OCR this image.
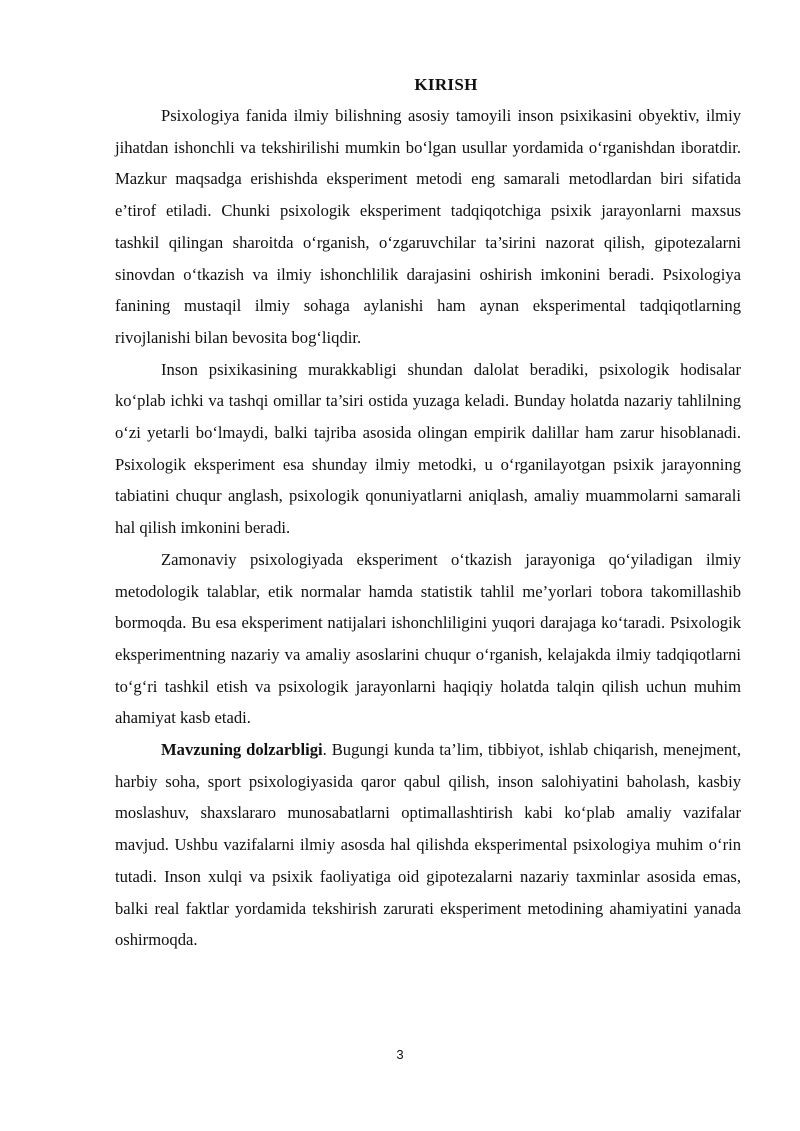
KIRISH

Psixologiya fanida ilmiy bilishning asosiy tamoyili inson psixikasini obyektiv, ilmiy jihatdan ishonchli va tekshirilishi mumkin bo‘lgan usullar yordamida o‘rganishdan iboratdir. Mazkur maqsadga erishishda eksperiment metodi eng samarali metodlardan biri sifatida e’tirof etiladi. Chunki psixologik eksperiment tadqiqotchiga psixik jarayonlarni maxsus tashkil qilingan sharoitda o‘rganish, o‘zgaruvchilar ta’sirini nazorat qilish, gipotezalarni sinovdan o‘tkazish va ilmiy ishonchlilik darajasini oshirish imkonini beradi. Psixologiya fanining mustaqil ilmiy sohaga aylanishi ham aynan eksperimental tadqiqotlarning rivojlanishi bilan bevosita bog‘liqdir.

Inson psixikasining murakkabligi shundan dalolat beradiki, psixologik hodisalar ko‘plab ichki va tashqi omillar ta’siri ostida yuzaga keladi. Bunday holatda nazariy tahlilning o‘zi yetarli bo‘lmaydi, balki tajriba asosida olingan empirik dalillar ham zarur hisoblanadi. Psixologik eksperiment esa shunday ilmiy metodki, u o‘rganilayotgan psixik jarayonning tabiatini chuqur anglash, psixologik qonuniyatlarni aniqlash, amaliy muammolarni samarali hal qilish imkonini beradi.

Zamonaviy psixologiyada eksperiment o‘tkazish jarayoniga qo‘yiladigan ilmiy metodologik talablar, etik normalar hamda statistik tahlil me’yorlari tobora takomillashib bormoqda. Bu esa eksperiment natijalari ishonchliligini yuqori darajaga ko‘taradi. Psixologik eksperimentning nazariy va amaliy asoslarini chuqur o‘rganish, kelajakda ilmiy tadqiqotlarni to‘g‘ri tashkil etish va psixologik jarayonlarni haqiqiy holatda talqin qilish uchun muhim ahamiyat kasb etadi.

Mavzuning dolzarbligi. Bugungi kunda ta’lim, tibbiyot, ishlab chiqarish, menejment, harbiy soha, sport psixologiyasida qaror qabul qilish, inson salohiyatini baholash, kasbiy moslashuv, shaxslararo munosabatlarni optimallashtirish kabi ko‘plab amaliy vazifalar mavjud. Ushbu vazifalarni ilmiy asosda hal qilishda eksperimental psixologiya muhim o‘rin tutadi. Inson xulqi va psixik faoliyatiga oid gipotezalarni nazariy taxminlar asosida emas, balki real faktlar yordamida tekshirish zarurati eksperiment metodining ahamiyatini yanada oshirmoqda.

3
